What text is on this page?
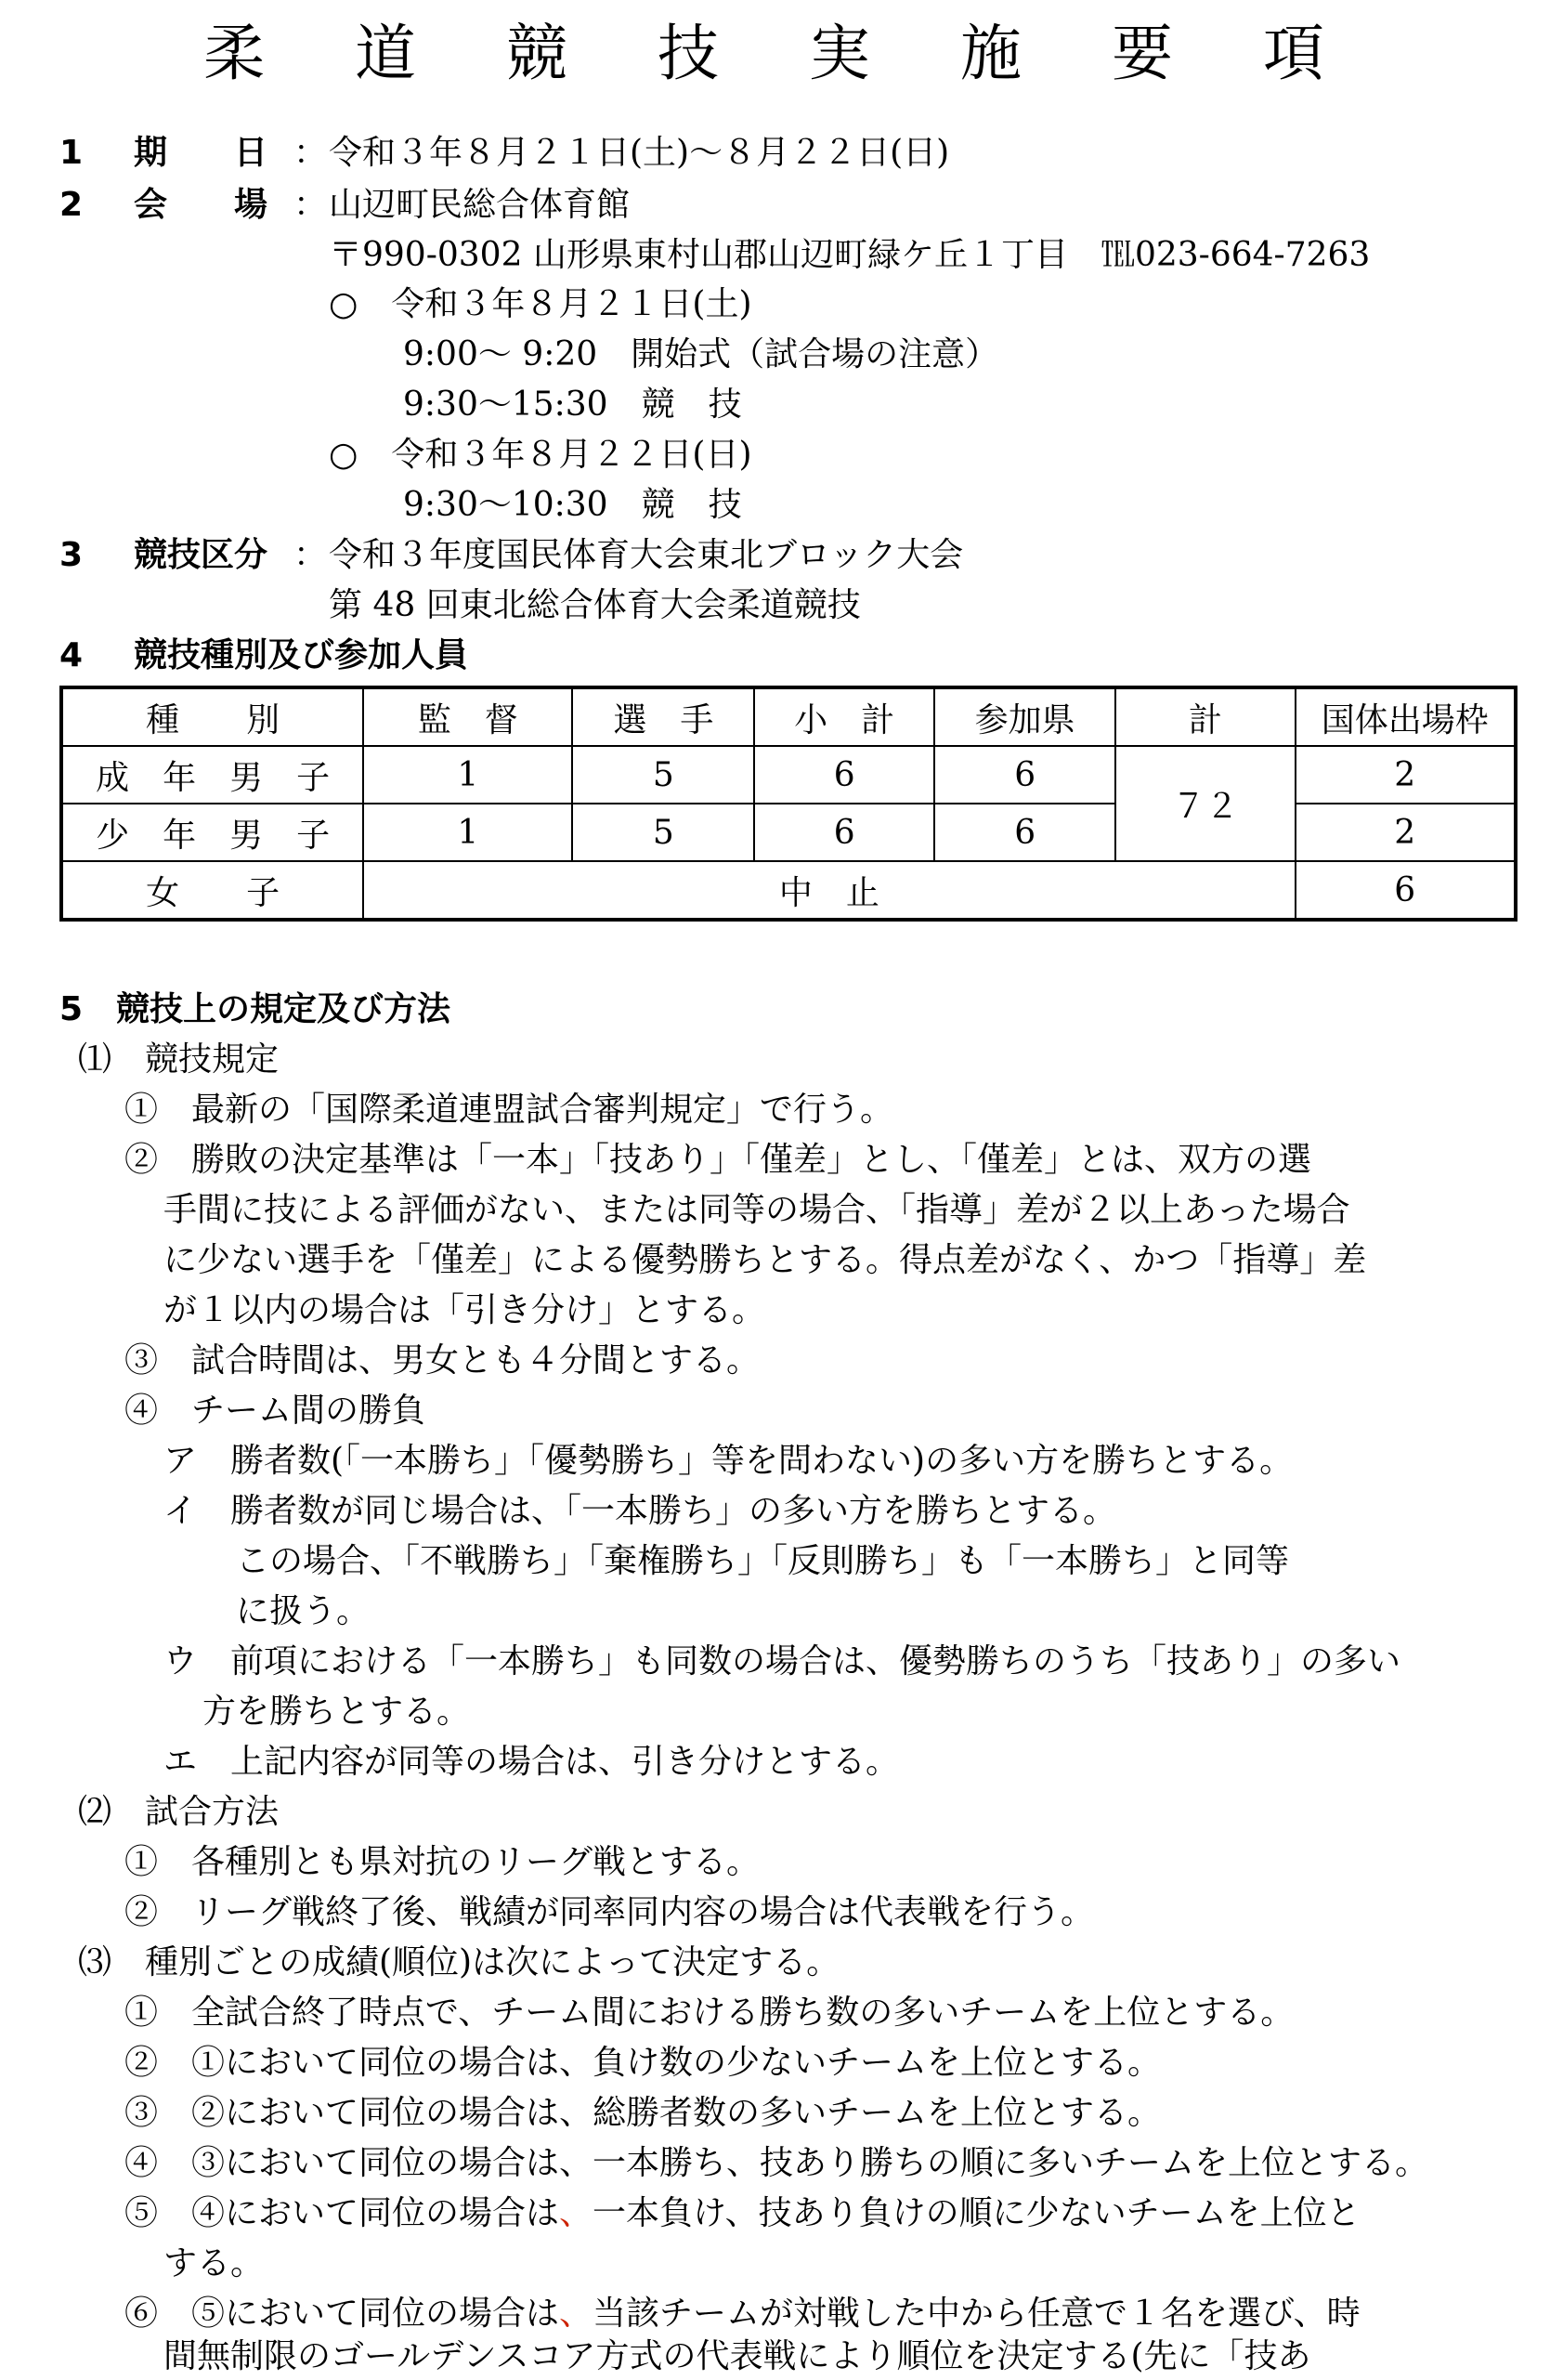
柔 道 競 技 実 施 要 項
1 期　　日 ： 令和３年８月２１日(土)～８月２２日(日)
2 会　　場 ： 山辺町民総合体育館
〒990-0302 山形県東村山郡山辺町緑ケ丘１丁目　℡023-664-7263
○　令和３年８月２１日(土)
9:00～ 9:20　開始式（試合場の注意）
9:30～15:30　競　技
○　令和３年８月２２日(日)
9:30～10:30　競　技
3 競技区分 ： 令和３年度国民体育大会東北ブロック大会
第 48 回東北総合体育大会柔道競技
4 競技種別及び参加人員
種　　別	監　督	選　手	小　計	参加県	計	国体出場枠
成　年　男　子	1	5	6	6	７２	2
少　年　男　子	1	5	6	6		2
女　　子	中　止					6
5　競技上の規定及び方法
⑴　競技規定
①　最新の「国際柔道連盟試合審判規定」で行う。
②　勝敗の決定基準は「一本」「技あり」「僅差」とし、「僅差」とは、双方の選
手間に技による評価がない、または同等の場合、「指導」差が２以上あった場合
に少ない選手を「僅差」による優勢勝ちとする。得点差がなく、かつ「指導」差
が１以内の場合は「引き分け」とする。
③　試合時間は、男女とも４分間とする。
④　チーム間の勝負
ア　勝者数(「一本勝ち」「優勢勝ち」等を問わない)の多い方を勝ちとする。
イ　勝者数が同じ場合は、「一本勝ち」の多い方を勝ちとする。
この場合、「不戦勝ち」「棄権勝ち」「反則勝ち」も「一本勝ち」と同等
に扱う。
ウ　前項における「一本勝ち」も同数の場合は、優勢勝ちのうち「技あり」の多い
方を勝ちとする。
エ　上記内容が同等の場合は、引き分けとする。
⑵　試合方法
①　各種別とも県対抗のリーグ戦とする。
②　リーグ戦終了後、戦績が同率同内容の場合は代表戦を行う。
⑶　種別ごとの成績(順位)は次によって決定する。
①　全試合終了時点で、チーム間における勝ち数の多いチームを上位とする。
②　①において同位の場合は、負け数の少ないチームを上位とする。
③　②において同位の場合は、総勝者数の多いチームを上位とする。
④　③において同位の場合は、一本勝ち、技あり勝ちの順に多いチームを上位とする。
⑤　④において同位の場合は、一本負け、技あり負けの順に少ないチームを上位と
する。
⑥　⑤において同位の場合は、当該チームが対戦した中から任意で１名を選び、時
間無制限のゴールデンスコア方式の代表戦により順位を決定する(先に「技あ
